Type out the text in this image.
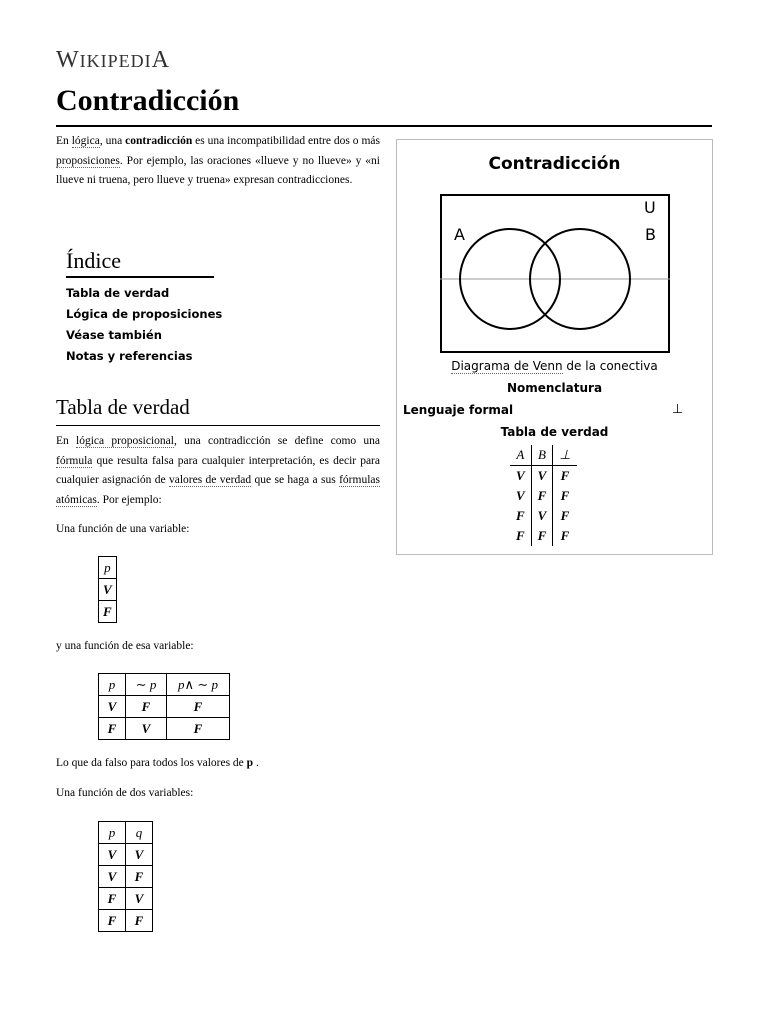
WIKIPEDIA
Contradicción
En lógica, una contradicción es una incompatibilidad entre dos o más proposiciones. Por ejemplo, las oraciones «llueve y no llueve» y «ni llueve ni truena, pero llueve y truena» expresan contradicciones.
Índice
Tabla de verdad
Lógica de proposiciones
Véase también
Notas y referencias
Tabla de verdad
En lógica proposicional, una contradicción se define como una fórmula que resulta falsa para cualquier interpretación, es decir para cualquier asignación de valores de verdad que se haga a sus fórmulas atómicas. Por ejemplo:
Una función de una variable:
p
V
F
y una función de esa variable:
p	∼ p	p∧ ∼ p
V	F	F
F	V	F
Lo que da falso para todos los valores de p .
Una función de dos variables:
p	q
V	V
V	F
F	V
F	F
Contradicción
A	B
U
Diagrama de Venn de la conectiva
Nomenclatura
Lenguaje formal	⊥
Tabla de verdad
A	B	⊥
V	V	F
V	F	F
F	V	F
F	F	F
